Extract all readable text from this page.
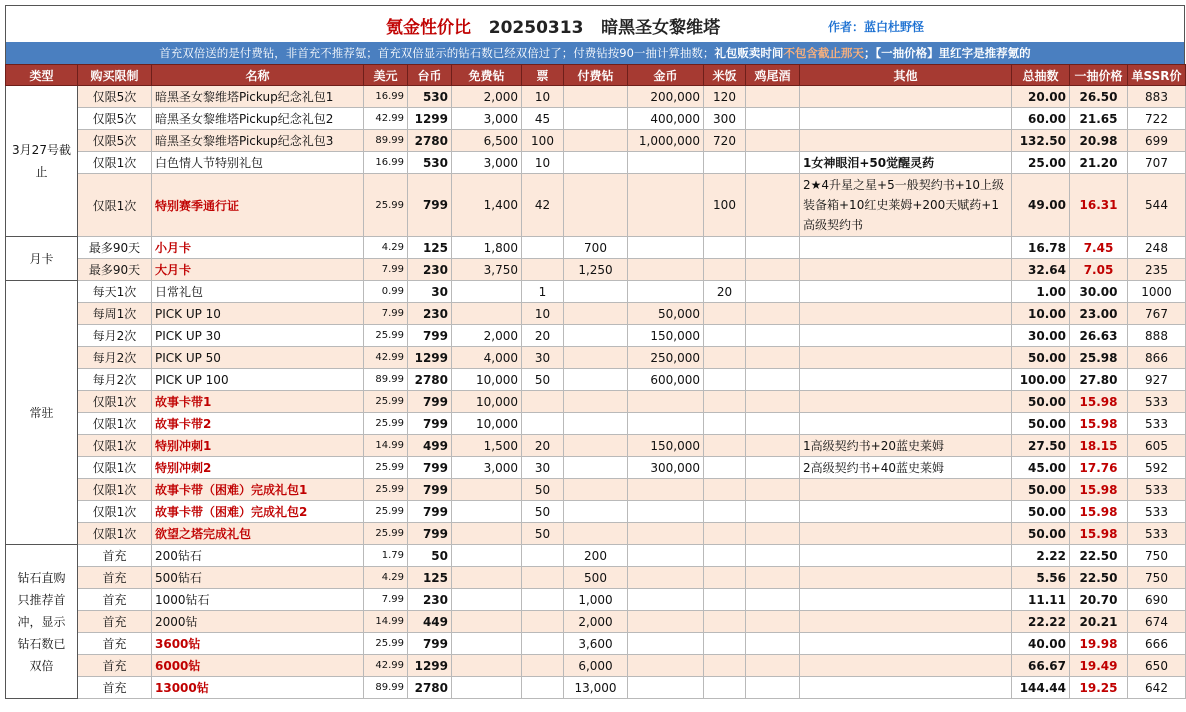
氪金性价比 20250313 暗黑圣女黎维塔	作者：蓝白杜野怪
首充双倍送的是付费钻，非首充不推荐氪；首充双倍显示的钻石数已经双倍过了；付费钻按90一抽计算抽数；礼包贩卖时间不包含截止那天；【一抽价格】里红字是推荐氪的
类型	购买限制	名称	美元	台币	免费钻	票	付费钻	金币	米饭	鸡尾酒	其他	总抽数	一抽价格	单SSR价
3月27号截止	仅限5次	暗黑圣女黎维塔Pickup纪念礼包1	16.99	530	2,000	10		200,000	120			20.00	26.50	883
	仅限5次	暗黑圣女黎维塔Pickup纪念礼包2	42.99	1299	3,000	45		400,000	300			60.00	21.65	722
	仅限5次	暗黑圣女黎维塔Pickup纪念礼包3	89.99	2780	6,500	100		1,000,000	720			132.50	20.98	699
	仅限1次	白色情人节特别礼包	16.99	530	3,000	10					1女神眼泪+50觉醒灵药	25.00	21.20	707
	仅限1次	特别赛季通行证	25.99	799	1,400	42			100		2★4升星之星+5一般契约书+10上级装备箱+10红史莱姆+200天赋药+1高级契约书	49.00	16.31	544
月卡	最多90天	小月卡	4.29	125	1,800		700					16.78	7.45	248
	最多90天	大月卡	7.99	230	3,750		1,250					32.64	7.05	235
常驻	每天1次	日常礼包	0.99	30		1			20			1.00	30.00	1000
	每周1次	PICK UP 10	7.99	230		10		50,000				10.00	23.00	767
	每月2次	PICK UP 30	25.99	799	2,000	20		150,000				30.00	26.63	888
	每月2次	PICK UP 50	42.99	1299	4,000	30		250,000				50.00	25.98	866
	每月2次	PICK UP 100	89.99	2780	10,000	50		600,000				100.00	27.80	927
	仅限1次	故事卡带1	25.99	799	10,000							50.00	15.98	533
	仅限1次	故事卡带2	25.99	799	10,000							50.00	15.98	533
	仅限1次	特别冲刺1	14.99	499	1,500	20		150,000			1高级契约书+20蓝史莱姆	27.50	18.15	605
	仅限1次	特别冲刺2	25.99	799	3,000	30		300,000			2高级契约书+40蓝史莱姆	45.00	17.76	592
	仅限1次	故事卡带（困难）完成礼包1	25.99	799		50						50.00	15.98	533
	仅限1次	故事卡带（困难）完成礼包2	25.99	799		50						50.00	15.98	533
	仅限1次	欲望之塔完成礼包	25.99	799		50						50.00	15.98	533
钻石直购只推荐首冲，显示钻石数已双倍	首充	200钻石	1.79	50			200					2.22	22.50	750
	首充	500钻石	4.29	125			500					5.56	22.50	750
	首充	1000钻石	7.99	230			1,000					11.11	20.70	690
	首充	2000钻	14.99	449			2,000					22.22	20.21	674
	首充	3600钻	25.99	799			3,600					40.00	19.98	666
	首充	6000钻	42.99	1299			6,000					66.67	19.49	650
	首充	13000钻	89.99	2780			13,000					144.44	19.25	642
